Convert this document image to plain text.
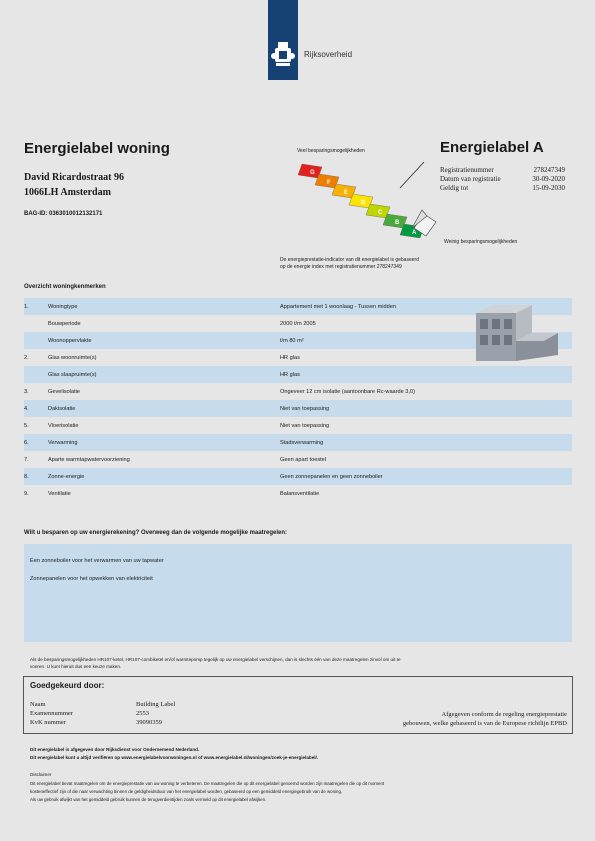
Rijksoverheid
Energielabel woning
David Ricardostraat 96
1066LH Amsterdam
BAG-ID: 0363010012132171
Veel besparingsmogelijkheden
G
F
E
D
C
B
A
Weinig besparingsmogelijkheden
Energielabel A
Registratienummer	278247349
Datum van registratie	30-09-2020
Geldig tot	15-09-2030
De energieprestatie-indicator van dit energielabel is gebaseerd
op de energie index met registratienummer 278247349
Overzicht woningkenmerken
1.	Woningtype	Appartement met 1 woonlaag - Tussen midden
	Bouwperiode	2000 t/m 2005
	Woonoppervlakte	t/m 80 m²
2.	Glas woonruimte(s)	HR glas
	Glas slaapruimte(s)	HR glas
3.	Gevelisolatie	Ongeveer 12 cm isolatie (aantoonbare Rc-waarde 3,0)
4.	Dakisolatie	Niet van toepassing
5.	Vloerisolatie	Niet van toepassing
6.	Verwarming	Stadsverwarming
7.	Aparte warmtapwatervoorziening	Geen apart toestel
8.	Zonne-energie	Geen zonnepanelen en geen zonneboiler
9.	Ventilatie	Balansventilatie
Wilt u besparen op uw energierekening? Overweeg dan de volgende mogelijke maatregelen:
Een zonneboiler voor het verwarmen van uw tapwater
Zonnepanelen voor het opwekken van elektriciteit
Als de besparingsmogelijkheden HR107-ketel, HR107-combiketel en/of warmtepomp tegelijk op uw energielabel verschijnen, dan is slechts één van deze maatregelen zinvol om uit te
voeren. U kunt hieruit dus een keuze maken.
Goedgekeurd door:
Naam	Building Label
Examennummer	2553
KvK nummer	39090359
Afgegeven conform de regeling energieprestatie
gebouwen, welke gebaseerd is van de Europese richtlijn EPBD
Dit energielabel is afgegeven door Rijksdienst voor Ondernemend Nederland.
Dit energielabel kunt u altijd verifiëren op www.energielabelvoorwoningen.nl of www.energielabel.nl/woningen/zoek-je-energielabel/.
Disclaimer
Dit energielabel bevat maatregelen om de energieprestatie van uw woning te verbeteren. De maatregelen die op dit energielabel genoemd worden zijn maatregelen die op dit moment
kosteneffectief zijn of die naar verwachting binnen de geldigheidsduur van het energielabel worden, gebaseerd op een gemiddeld energiegebruik van de woning.
Als uw gebruik afwijkt van het gemiddeld gebruik kunnen de terugverdientijden zoals vermeld op dit energielabel afwijken.
